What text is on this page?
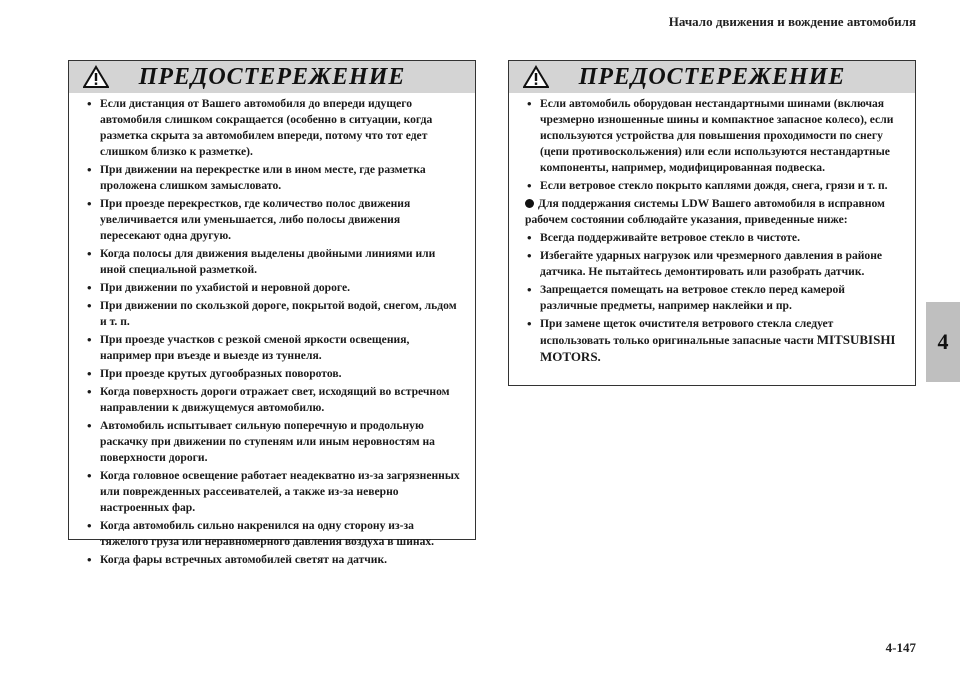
Начало движения и вождение автомобиля
4
ПРЕДОСТЕРЕЖЕНИЕ
• Если дистанция от Вашего автомобиля до впереди идущего автомобиля слишком сокращается (особенно в ситуации, когда разметка скрыта за автомобилем впереди, потому что тот едет слишком близко к разметке).
• При движении на перекрестке или в ином месте, где разметка проложена слишком замысловато.
• При проезде перекрестков, где количество полос движения увеличивается или уменьшается, либо полосы движения пересекают одна другую.
• Когда полосы для движения выделены двойными линиями или иной специальной разметкой.
• При движении по ухабистой и неровной дороге.
• При движении по скользкой дороге, покрытой водой, снегом, льдом и т. п.
• При проезде участков с резкой сменой яркости освещения, например при въезде и выезде из туннеля.
• При проезде крутых дугообразных поворотов.
• Когда поверхность дороги отражает свет, исходящий во встречном направлении к движущемуся автомобилю.
• Автомобиль испытывает сильную поперечную и продольную раскачку при движении по ступеням или иным неровностям на поверхности дороги.
• Когда головное освещение работает неадекватно из-за загрязненных или поврежденных рассеивателей, а также из-за неверно настроенных фар.
• Когда автомобиль сильно накренился на одну сторону из-за тяжелого груза или неравномерного давления воздуха в шинах.
• Когда фары встречных автомобилей светят на датчик.
ПРЕДОСТЕРЕЖЕНИЕ
• Если автомобиль оборудован нестандартными шинами (включая чрезмерно изношенные шины и компактное запасное колесо), если используются устройства для повышения проходимости по снегу (цепи противоскольжения) или если используются нестандартные компоненты, например, модифицированная подвеска.
• Если ветровое стекло покрыто каплями дождя, снега, грязи и т. п.
Для поддержания системы LDW Вашего автомобиля в исправном рабочем состоянии соблюдайте указания, приведенные ниже:
• Всегда поддерживайте ветровое стекло в чистоте.
• Избегайте ударных нагрузок или чрезмерного давления в районе датчика. Не пытайтесь демонтировать или разобрать датчик.
• Запрещается помещать на ветровое стекло перед камерой различные предметы, например наклейки и пр.
• При замене щеток очистителя ветрового стекла следует использовать только оригинальные запасные части MITSUBISHI MOTORS.
4-147
